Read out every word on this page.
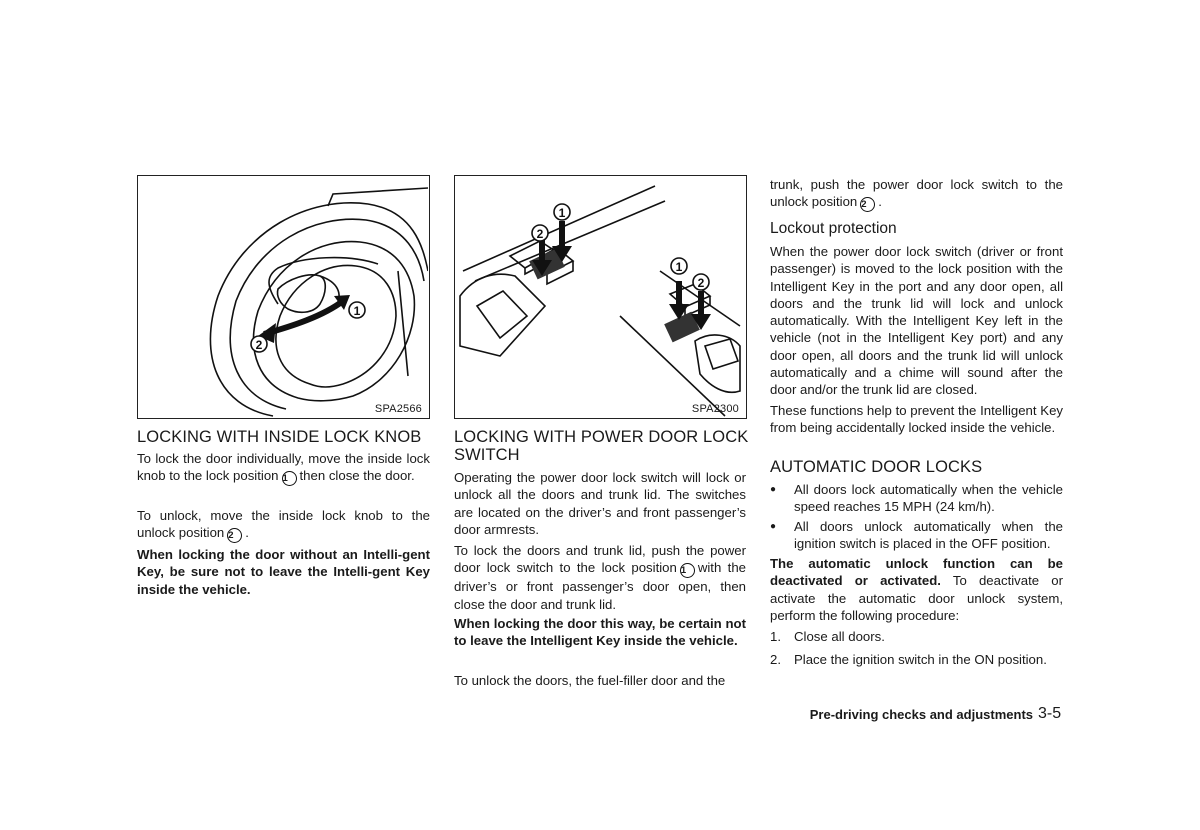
1
2
SPA2566
LOCKING WITH INSIDE LOCK KNOB
To lock the door individually, move the inside lock knob to the lock position 1 then close the door.
To unlock, move the inside lock knob to the unlock position 2 .
When locking the door without an Intelli-gent Key, be sure not to leave the Intelli-gent Key inside the vehicle.
1
2
1
2
SPA2300
LOCKING WITH POWER DOOR LOCK
SWITCH
Operating the power door lock switch will lock or unlock all the doors and trunk lid. The switches are located on the driver’s and front passenger’s door armrests.
To lock the doors and trunk lid, push the power door lock switch to the lock position 1 with the driver’s or front passenger’s door open, then close the door and trunk lid.
When locking the door this way, be certain not to leave the Intelligent Key inside the vehicle.
To unlock the doors, the fuel-filler door and the
trunk, push the power door lock switch to the unlock position 2 .
Lockout protection
When the power door lock switch (driver or front passenger) is moved to the lock position with the Intelligent Key in the port and any door open, all doors and the trunk lid will lock and unlock automatically. With the Intelligent Key left in the vehicle (not in the Intelligent Key port) and any door open, all doors and the trunk lid will unlock automatically and a chime will sound after the door and/or the trunk lid are closed.
These functions help to prevent the Intelligent Key from being accidentally locked inside the vehicle.
AUTOMATIC DOOR LOCKS
● All doors lock automatically when the vehicle speed reaches 15 MPH (24 km/h).
● All doors unlock automatically when the ignition switch is placed in the OFF position.
The automatic unlock function can be deactivated or activated. To deactivate or activate the automatic door unlock system, perform the following procedure:
1. Close all doors.
2. Place the ignition switch in the ON position.
Pre-driving checks and adjustments 3-5
